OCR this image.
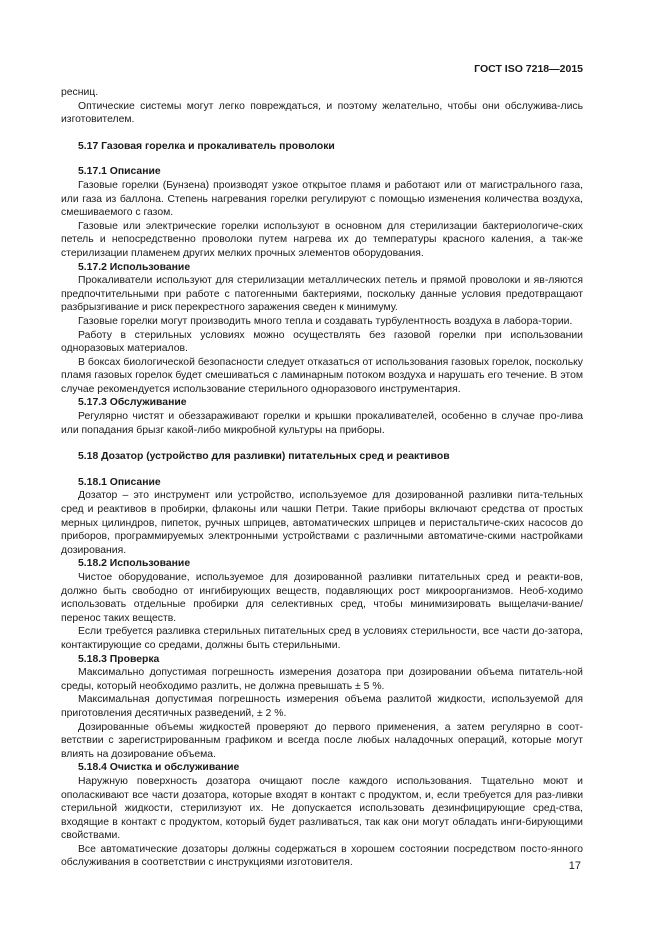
ГОСТ ISO 7218—2015

ресниц.

Оптические системы могут легко повреждаться, и поэтому желательно, чтобы они обслужива-лись изготовителем.

5.17 Газовая горелка и прокаливатель проволоки

5.17.1 Описание

Газовые горелки (Бунзена) производят узкое открытое пламя и работают или от магистрального газа, или газа из баллона. Степень нагревания горелки регулируют с помощью изменения количества воздуха, смешиваемого с газом.

Газовые или электрические горелки используют в основном для стерилизации бактериологиче-ских петель и непосредственно проволоки путем нагрева их до температуры красного каления, а так-же стерилизации пламенем других мелких прочных элементов оборудования.

5.17.2 Использование

Прокаливатели используют для стерилизации металлических петель и прямой проволоки и яв-ляются предпочтительными при работе с патогенными бактериями, поскольку данные условия предотвращают разбрызгивание и риск перекрестного заражения сведен к минимуму.

Газовые горелки могут производить много тепла и создавать турбулентность воздуха в лабора-тории.

Работу в стерильных условиях можно осуществлять без газовой горелки при использовании одноразовых материалов.

В боксах биологической безопасности следует отказаться от использования газовых горелок, поскольку пламя газовых горелок будет смешиваться с ламинарным потоком воздуха и нарушать его течение. В этом случае рекомендуется использование стерильного одноразового инструментария.

5.17.3 Обслуживание

Регулярно чистят и обеззараживают горелки и крышки прокаливателей, особенно в случае про-лива или попадания брызг какой-либо микробной культуры на приборы.

5.18 Дозатор (устройство для разливки) питательных сред и реактивов

5.18.1 Описание

Дозатор – это инструмент или устройство, используемое для дозированной разливки пита-тельных сред и реактивов в пробирки, флаконы или чашки Петри. Такие приборы включают средства от простых мерных цилиндров, пипеток, ручных шприцев, автоматических шприцев и перистальтиче-ских насосов до приборов, программируемых электронными устройствами с различными автоматиче-скими настройками дозирования.

5.18.2 Использование

Чистое оборудование, используемое для дозированной разливки питательных сред и реакти-вов, должно быть свободно от ингибирующих веществ, подавляющих рост микроорганизмов. Необ-ходимо использовать отдельные пробирки для селективных сред, чтобы минимизировать выщелачи-вание/перенос таких веществ.

Если требуется разливка стерильных питательных сред в условиях стерильности, все части до-затора, контактирующие со средами, должны быть стерильными.

5.18.3 Проверка

Максимально допустимая погрешность измерения дозатора при дозировании объема питатель-ной среды, который необходимо разлить, не должна превышать ± 5 %.

Максимальная допустимая погрешность измерения объема разлитой жидкости, используемой для приготовления десятичных разведений, ± 2 %.

Дозированные объемы жидкостей проверяют до первого применения, а затем регулярно в соот-ветствии с зарегистрированным графиком и всегда после любых наладочных операций, которые могут влиять на дозирование объема.

5.18.4 Очистка и обслуживание

Наружную поверхность дозатора очищают после каждого использования. Тщательно моют и ополаскивают все части дозатора, которые входят в контакт с продуктом, и, если требуется для раз-ливки стерильной жидкости, стерилизуют их. Не допускается использовать дезинфицирующие сред-ства, входящие в контакт с продуктом, который будет разливаться, так как они могут обладать инги-бирующими свойствами.

Все автоматические дозаторы должны содержаться в хорошем состоянии посредством посто-янного обслуживания в соответствии с инструкциями изготовителя.	17
